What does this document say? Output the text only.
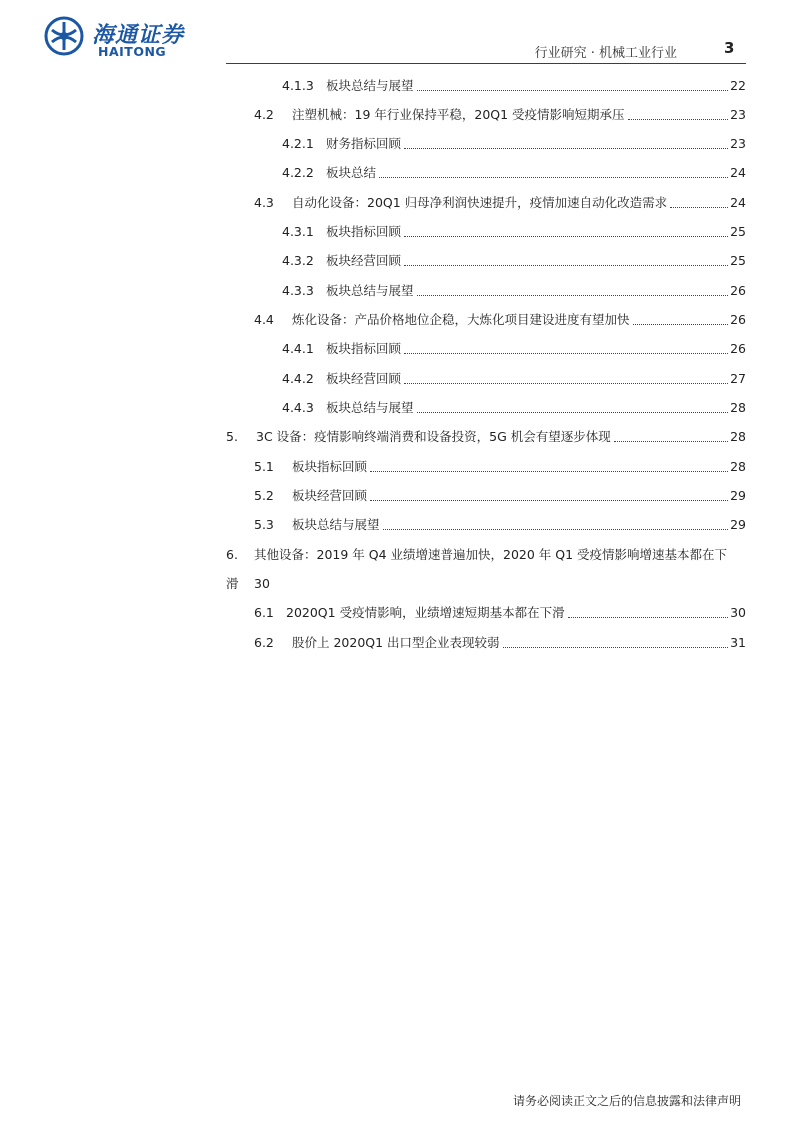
海通证券
HAITONG	行业研究 · 机械工业行业	3
4.1.3 板块总结与展望	22
4.2	注塑机械：19 年行业保持平稳，20Q1 受疫情影响短期承压	23
4.2.1 财务指标回顾	23
4.2.2 板块总结	24
4.3	自动化设备：20Q1 归母净利润快速提升，疫情加速自动化改造需求	24
4.3.1 板块指标回顾	25
4.3.2 板块经营回顾	25
4.3.3 板块总结与展望	26
4.4	炼化设备：产品价格地位企稳，大炼化项目建设进度有望加快	26
4.4.1 板块指标回顾	26
4.4.2 板块经营回顾	27
4.4.3 板块总结与展望	28
5.	3C 设备：疫情影响终端消费和设备投资，5G 机会有望逐步体现	28
5.1	板块指标回顾	28
5.2	板块经营回顾	29
5.3	板块总结与展望	29
6.	其他设备：2019 年 Q4 业绩增速普遍加快，2020 年 Q1 受疫情影响增速基本都在下
滑 30
6.1 2020Q1 受疫情影响，业绩增速短期基本都在下滑	30
6.2	股价上 2020Q1 出口型企业表现较弱	31
请务必阅读正文之后的信息披露和法律声明
